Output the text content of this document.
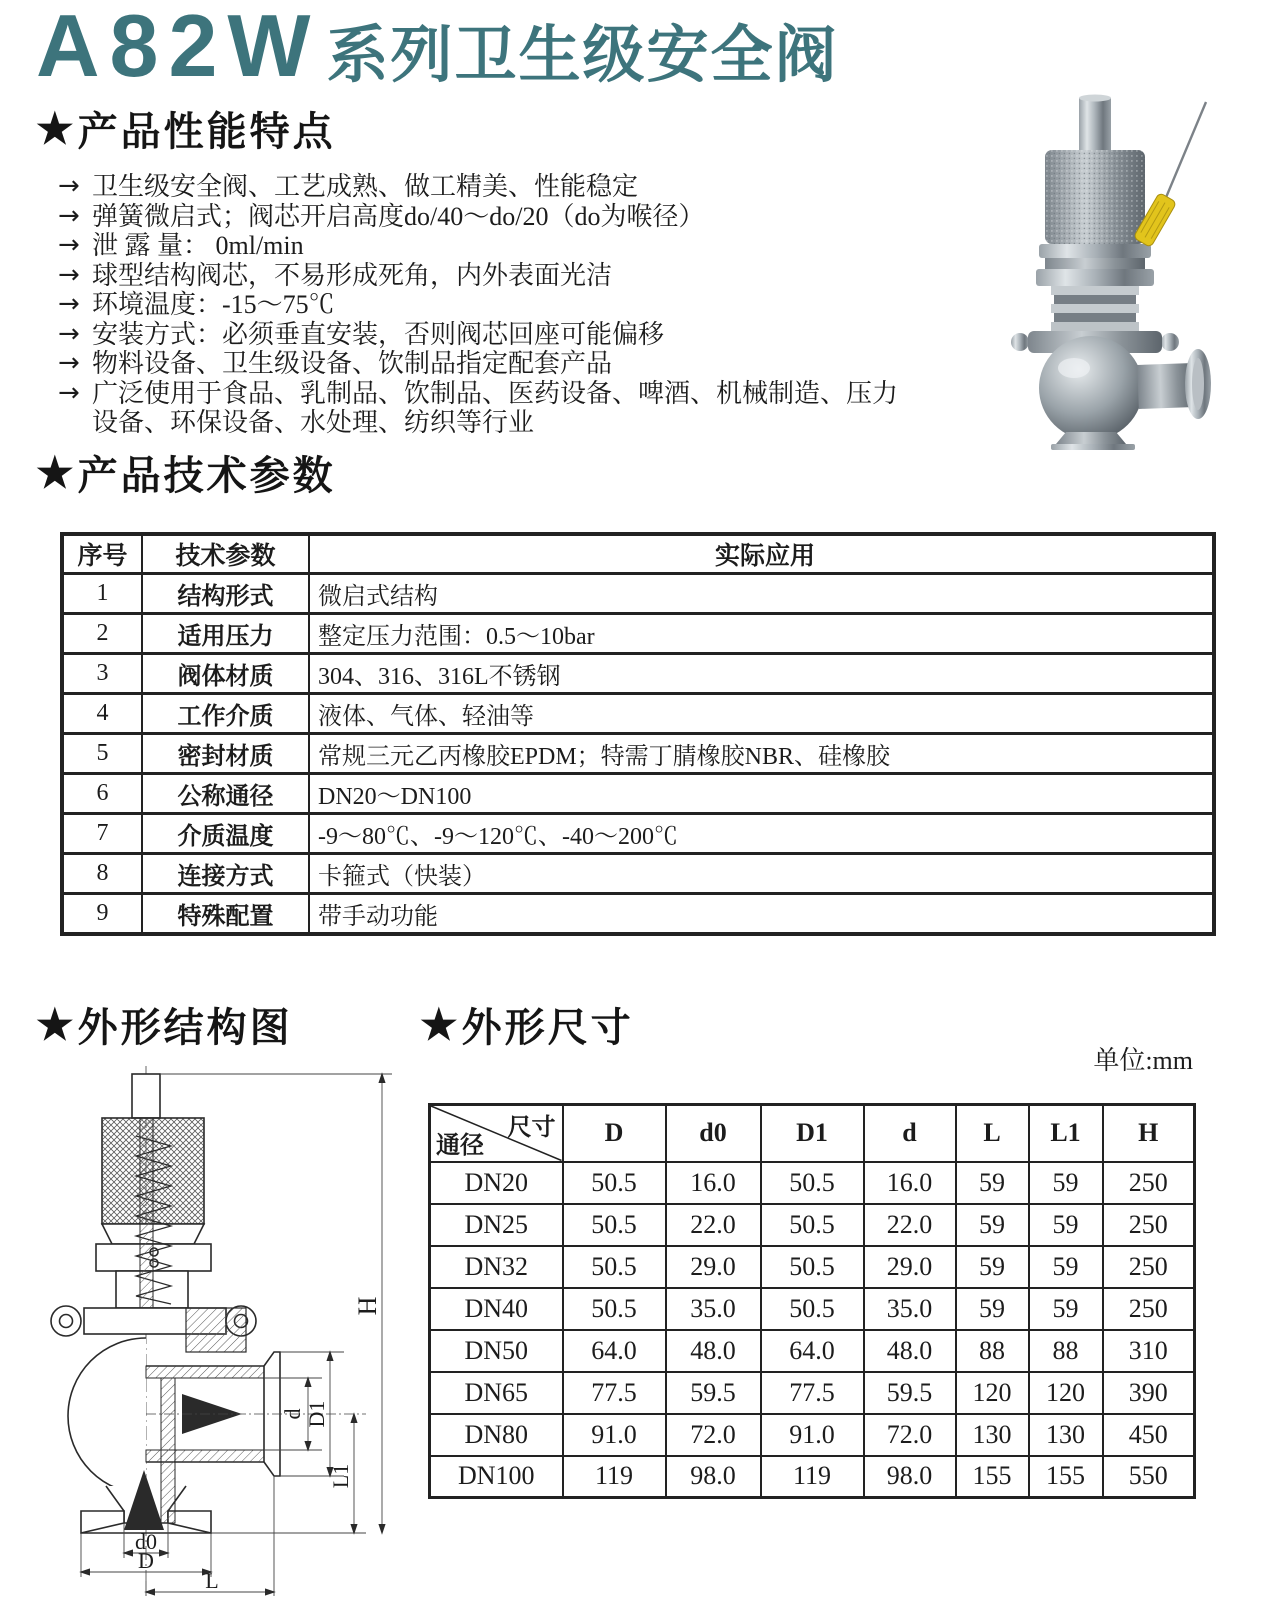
A82W 系列卫生级安全阀
★ 产品性能特点
→ 卫生级安全阀、工艺成熟、做工精美、性能稳定
→ 弹簧微启式；阀芯开启高度do/40～do/20（do为喉径）
→ 泄 露 量： 0ml/min
→ 球型结构阀芯，不易形成死角，内外表面光洁
→ 环境温度：-15～75℃
→ 安装方式：必须垂直安装，否则阀芯回座可能偏移
→ 物料设备、卫生级设备、饮制品指定配套产品
→ 广泛使用于食品、乳制品、饮制品、医药设备、啤酒、机械制造、压力设备、环保设备、水处理、纺织等行业
★ 产品技术参数
序号	技术参数	实际应用
1	结构形式	微启式结构
2	适用压力	整定压力范围：0.5～10bar
3	阀体材质	304、316、316L不锈钢
4	工作介质	液体、气体、轻油等
5	密封材质	常规三元乙丙橡胶EPDM；特需丁腈橡胶NBR、硅橡胶
6	公称通径	DN20～DN100
7	介质温度	-9～80℃、-9～120℃、-40～200℃
8	连接方式	卡箍式（快装）
9	特殊配置	带手动功能
★ 外形结构图	★ 外形尺寸
d D1
L1
H
d0
D
L
单位:mm
尺寸
通径	D	d0	D1	d	L	L1	H
DN20	50.5	16.0	50.5	16.0	59	59	250
DN25	50.5	22.0	50.5	22.0	59	59	250
DN32	50.5	29.0	50.5	29.0	59	59	250
DN40	50.5	35.0	50.5	35.0	59	59	250
DN50	64.0	48.0	64.0	48.0	88	88	310
DN65	77.5	59.5	77.5	59.5	120	120	390
DN80	91.0	72.0	91.0	72.0	130	130	450
DN100	119	98.0	119	98.0	155	155	550
